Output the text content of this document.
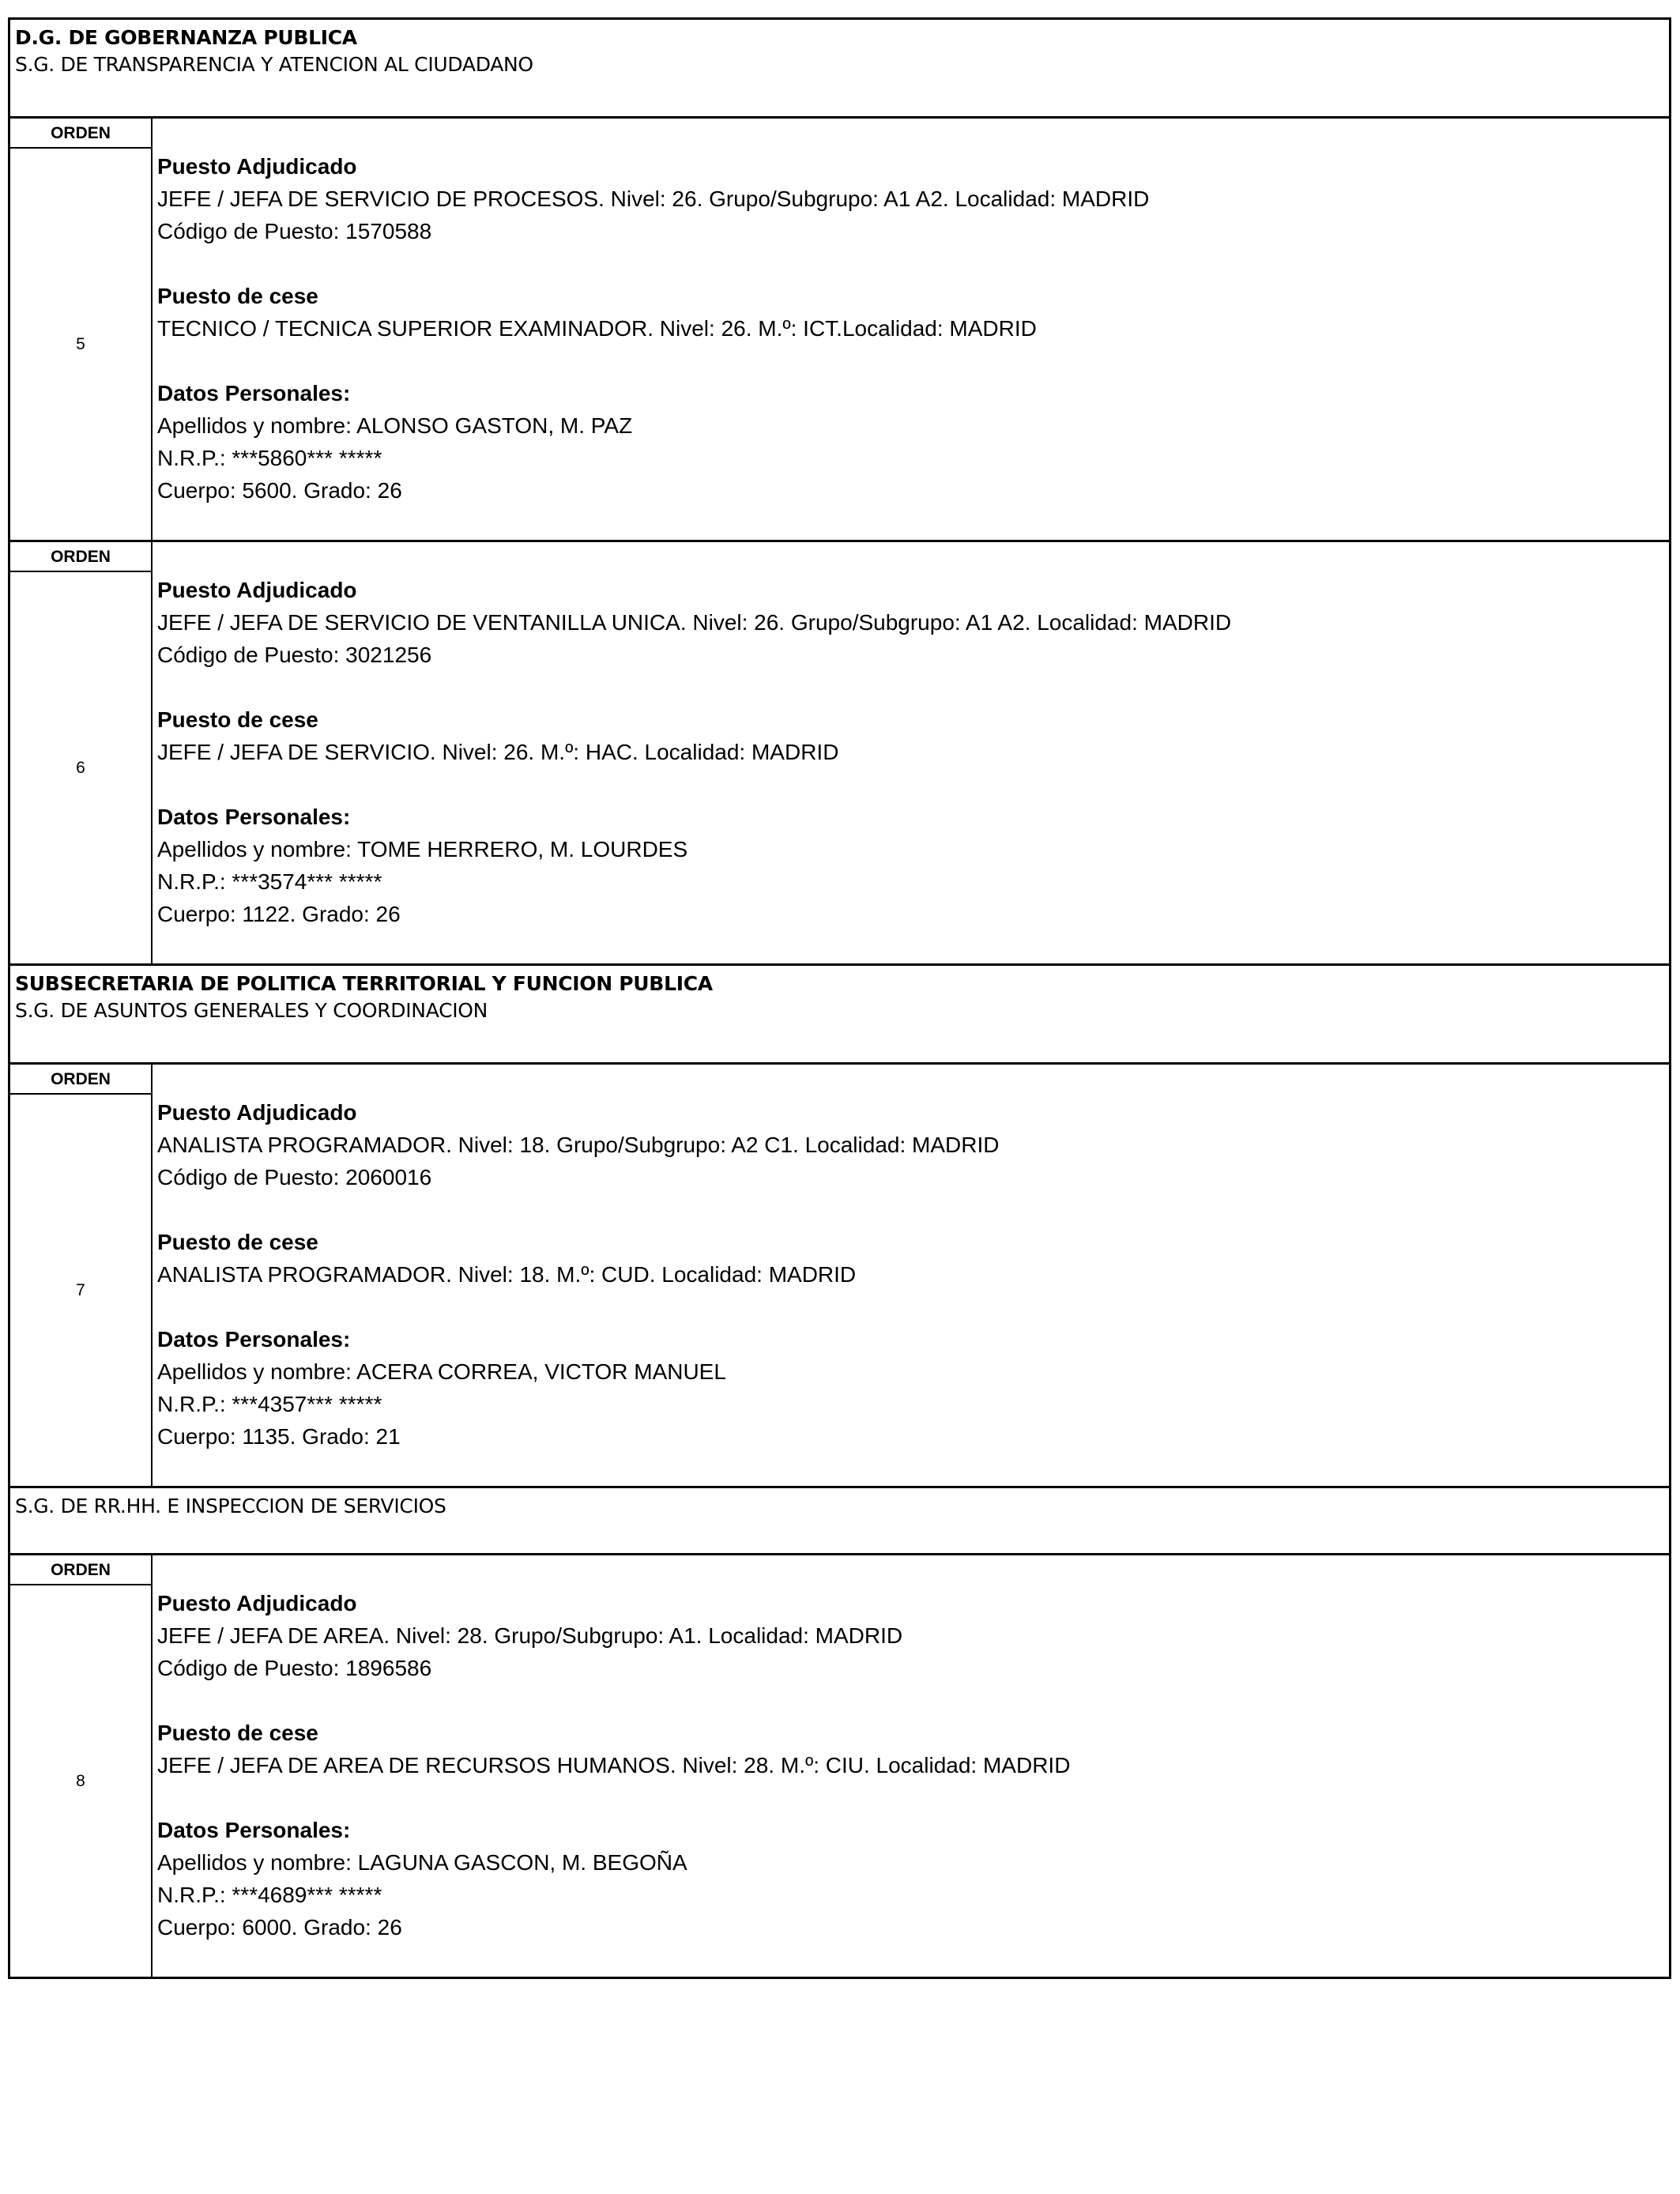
D.G. DE GOBERNANZA PUBLICA
S.G. DE TRANSPARENCIA Y ATENCION AL CIUDADANO
ORDEN
5

Puesto Adjudicado

JEFE / JEFA DE SERVICIO DE PROCESOS. Nivel: 26. Grupo/Subgrupo: A1 A2. Localidad: MADRID

Código de Puesto: 1570588

Puesto de cese

TECNICO / TECNICA SUPERIOR EXAMINADOR. Nivel: 26. M.º: ICT.Localidad: MADRID

Datos Personales:

Apellidos y nombre: ALONSO GASTON, M. PAZ

N.R.P.: ***5860*** *****

Cuerpo: 5600. Grado: 26

ORDEN
6

Puesto Adjudicado

JEFE / JEFA DE SERVICIO DE VENTANILLA UNICA. Nivel: 26. Grupo/Subgrupo: A1 A2. Localidad: MADRID

Código de Puesto: 3021256

Puesto de cese

JEFE / JEFA DE SERVICIO. Nivel: 26. M.º: HAC. Localidad: MADRID

Datos Personales:

Apellidos y nombre: TOME HERRERO, M. LOURDES

N.R.P.: ***3574*** *****

Cuerpo: 1122. Grado: 26

SUBSECRETARIA DE POLITICA TERRITORIAL Y FUNCION PUBLICA
S.G. DE ASUNTOS GENERALES Y COORDINACION
ORDEN
7

Puesto Adjudicado

ANALISTA PROGRAMADOR. Nivel: 18. Grupo/Subgrupo: A2 C1. Localidad: MADRID

Código de Puesto: 2060016

Puesto de cese

ANALISTA PROGRAMADOR. Nivel: 18. M.º: CUD. Localidad: MADRID

Datos Personales:

Apellidos y nombre: ACERA CORREA, VICTOR MANUEL

N.R.P.: ***4357*** *****

Cuerpo: 1135. Grado: 21

S.G. DE RR.HH. E INSPECCION DE SERVICIOS
ORDEN
8

Puesto Adjudicado

JEFE / JEFA DE AREA. Nivel: 28. Grupo/Subgrupo: A1. Localidad: MADRID

Código de Puesto: 1896586

Puesto de cese

JEFE / JEFA DE AREA DE RECURSOS HUMANOS. Nivel: 28. M.º: CIU. Localidad: MADRID

Datos Personales:

Apellidos y nombre: LAGUNA GASCON, M. BEGOÑA

N.R.P.: ***4689*** *****

Cuerpo: 6000. Grado: 26
